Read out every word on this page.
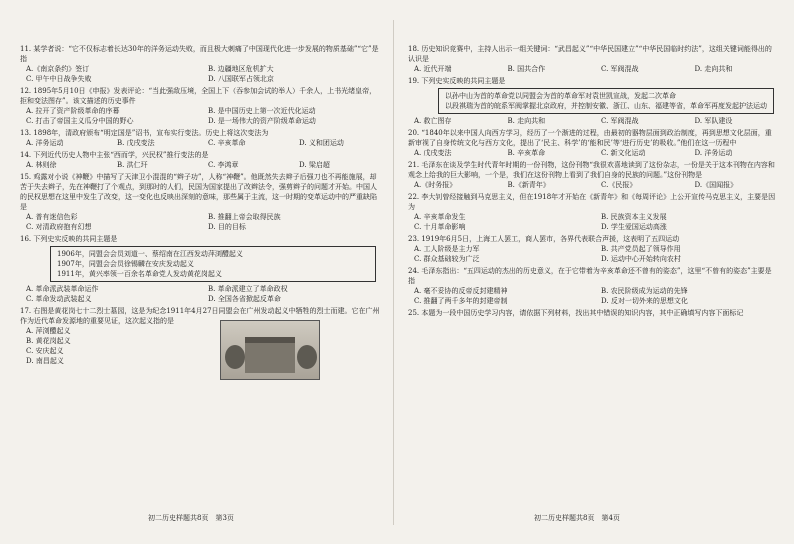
11. 某学者说：“它不仅标志着长达30年的洋务运动失败，而且极大刺痛了中国现代化进一步发展的物质基础”“它”是指
A.《南京条约》签订	B. 边疆地区危机扩大
C. 甲午中日战争失败	D. 八国联军占领北京
12. 1895年5月10日《申报》发表评论：“当此强敌压境，全国上下（吞参加会试的举人）千余人，上书光绪皇帝，拒和变法图存”。该文描述的历史事件
A. 拉开了资产阶级革命的序幕	B. 是中国历史上第一次近代化运动
C. 打击了帝国主义瓜分中国的野心	D. 是一场伟大的资产阶级革命运动
13. 1898年，清政府颁布“明定国是”诏书，宣布实行变法。历史上将这次变法为
A. 洋务运动	B. 戊戌变法	C. 辛亥革命	D. 义和团运动
14. 下列近代历史人物中主张“西而学，兴民权”推行变法的是
A. 林则徐	B. 洪仁玕	C. 李鸿章	D. 梁启超
15. 鸡露对小说《神鞭》中描写了天津卫小混混的“辫子功”，人称“神鞭”。他既然失去辫子后强刀也不再能施展，却苦于失去辫子，先在神鞭打了个观点，到那时的人们，民国为国家提出了改辫法令，强剪辫子的问题才开始。中国人的民权思想在这里中发生了改变，这一变化也反映出深刻的意味，那些属于主流，这一时期的变革运动中的严重缺陷是
A. 普有迷信色彩	B. 推翻上帝会取得民族
C. 对清政府抱有幻想	D. 目的目标
16. 下列史实反映的共同主题是
1906年，同盟会会员刘道一、蔡绍南在江西发动萍浏醴起义
1907年，同盟会会员徐锡麟在安庆发动起义
1911年，黄兴率领一百余名革命党人发动黄花岗起义
A. 革命派武装革命运作	B. 革命派建立了革命政权
C. 革命发动武装起义	D. 全国各省掀起反革命
17. 右图是黄花岗七十二烈士墓园，这是为纪念1911年4月27日同盟会在广州发动起义中牺牲的烈士而建。它在广州作为近代革命发源地的重要见证，这次起义指的是
A. 萍浏醴起义
B. 黄花岗起义
C. 安庆起义
D. 南昌起义
18. 历史知识竞赛中，主持人出示一组关键词：“武昌起义”“中华民国建立”“中华民国临时约法”，这组关键词能得出的认识是
A. 近代开端	B. 国共合作	C. 军阀混战	D. 走向共和
19. 下列史实反映的共同主题是
以孙中山为首的革命党以同盟会为首的革命军对袁世凯宣战，发起二次革命
以段祺瑞为首的皖系军阀掌握北京政府，并控制安徽、浙江、山东、福建等省，革命军再度发起护法运动
A. 救亡图存	B. 走向共和	C. 军阀混战	D. 军队建设
20. “1840年以来中国人向西方学习，经历了一个渐进的过程，由最初的器物层面到政治制度，再到思想文化层面，重新审视了自身传统文化与西方文化，提出了‘民主、科学’的‘能和民’等‘进行历史’的吸收。”他们在这一历程中
A. 戊戌变法	B. 辛亥革命	C. 新文化运动	D. 洋务运动
21. 毛泽东在谈及学生时代青年时期的一份刊物，这份刊物“我很欢喜地读到了这份杂志，一份是关于这本刊物在内容和观念上给我的巨大影响，一个是，我们在这份刊物上看到了我们自身的民族的问题。”这份刊物是
A.《时务报》	B.《新青年》	C.《民报》	D.《国闻报》
22. 李大钊曾经接触到马克思主义，但在1918年才开始在《新青年》和《每周评论》上公开宣传马克思主义，主要是因为
A. 辛亥革命发生	B. 民族资本主义发展
C. 十月革命影响	D. 学生爱国运动高涨
23. 1919年6月5日，上海工人罢工，商人罢市，各界代表联合声援，这表明了五四运动
A. 工人阶级是主力军	B. 共产党员起了领导作用
C. 群众基础较为广泛	D. 运动中心开始转向农村
24. 毛泽东指出：“五四运动的杰出的历史意义，在于它带着为辛亥革命还不曾有的姿态”，这里“不曾有的姿态”主要是指
A. 毫不妥协的反帝反封建精神	B. 农民阶级成为运动的先锋
C. 推翻了两千多年的封建帝制	D. 反对一切外来的思想文化
25. 本题为一段中国历史学习内容，请依据下列材料，找出其中错误的知识内容，其中正确填写内容下面标记
初二历史样题共8页　第3页	初二历史样题共8页　第4页
